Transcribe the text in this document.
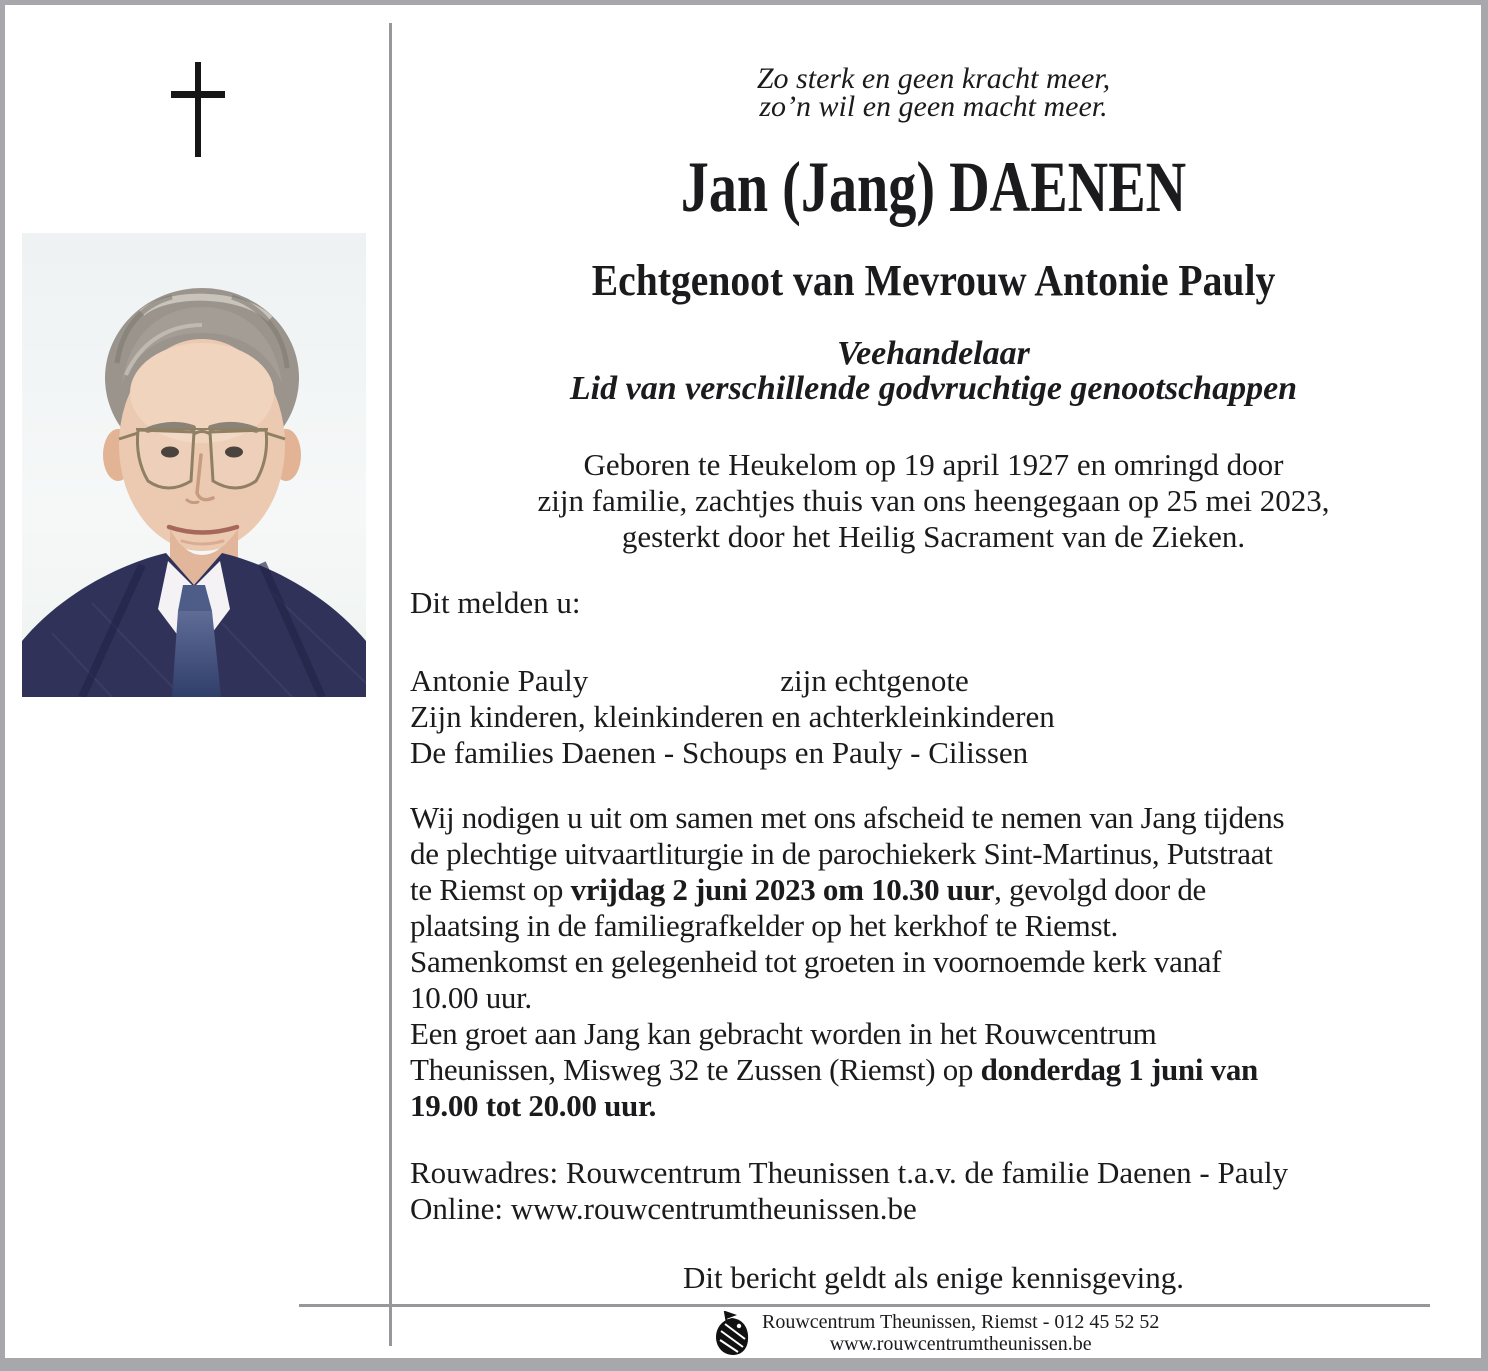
Zo sterk en geen kracht meer,
zo’n wil en geen macht meer.
Jan (Jang) DAENEN
Echtgenoot van Mevrouw Antonie Pauly
Veehandelaar
Lid van verschillende godvruchtige genootschappen
Geboren te Heukelom op 19 april 1927 en omringd door
zijn familie, zachtjes thuis van ons heengegaan op 25 mei 2023,
gesterkt door het Heilig Sacrament van de Zieken.
Dit melden u:
Antonie Pauly	zijn echtgenote
Zijn kinderen, kleinkinderen en achterkleinkinderen
De families Daenen - Schoups en Pauly - Cilissen
Wij nodigen u uit om samen met ons afscheid te nemen van Jang tijdens
de plechtige uitvaartliturgie in de parochiekerk Sint-Martinus, Putstraat
te Riemst op vrijdag 2 juni 2023 om 10.30 uur, gevolgd door de
plaatsing in de familiegrafkelder op het kerkhof te Riemst.
Samenkomst en gelegenheid tot groeten in voornoemde kerk vanaf
10.00 uur.
Een groet aan Jang kan gebracht worden in het Rouwcentrum
Theunissen, Misweg 32 te Zussen (Riemst) op donderdag 1 juni van
19.00 tot 20.00 uur.
Rouwadres: Rouwcentrum Theunissen t.a.v. de familie Daenen - Pauly
Online: www.rouwcentrumtheunissen.be
Dit bericht geldt als enige kennisgeving.
Rouwcentrum Theunissen, Riemst - 012 45 52 52
www.rouwcentrumtheunissen.be
